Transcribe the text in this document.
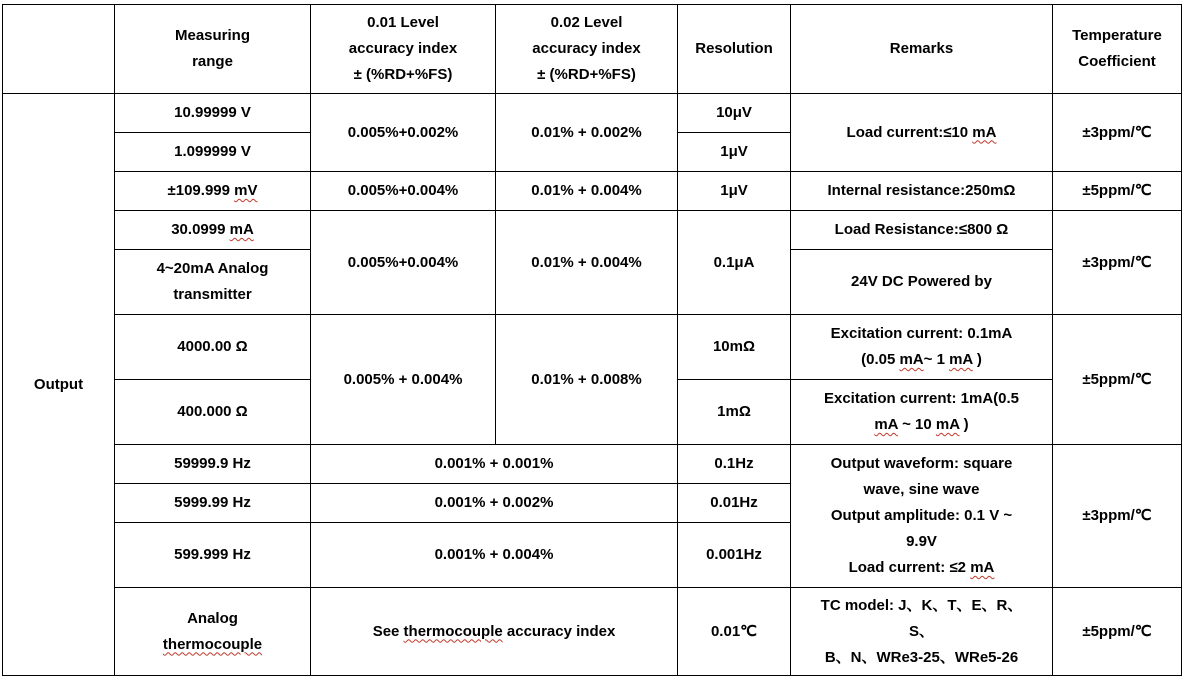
	Measuring
range	0.01 Level
accuracy index
± (%RD+%FS)	0.02 Level
accuracy index
± (%RD+%FS)	Resolution	Remarks	Temperature
Coefficient

Output	10.99999 V	0.005%+0.002%	0.01% + 0.002%	10μV	Load current:≤10 mA	±3ppm/℃
	1.099999 V			1μV		
	±109.999 mV	0.005%+0.004%	0.01% + 0.004%	1μV	Internal resistance:250mΩ	±5ppm/℃
	30.0999 mA	0.005%+0.004%	0.01% + 0.004%	0.1μA	Load Resistance:≤800 Ω	±3ppm/℃

	4~20mA Analog
transmitter				24V DC Powered by	
	4000.00 Ω	0.005% + 0.004%	0.01% + 0.008%	10mΩ	Excitation current: 0.1mA
(0.05 mA~ 1 mA )	±5ppm/℃
	400.000 Ω			1mΩ	Excitation current: 1mA(0.5
mA ~ 10 mA )	

	59999.9 Hz	0.001% + 0.001%		0.1Hz	Output waveform: square
wave, sine wave
Output amplitude: 0.1 V ~
9.9V
Load current: ≤2 mA	±3ppm/℃
	5999.99 Hz	0.001% + 0.002%		0.01Hz		
	599.999 Hz	0.001% + 0.004%		0.001Hz		

	Analog
thermocouple	See thermocouple accuracy index		0.01℃	TC model: J、K、T、E、R、
S、
B、N、WRe3-25、WRe5-26	±5ppm/℃
